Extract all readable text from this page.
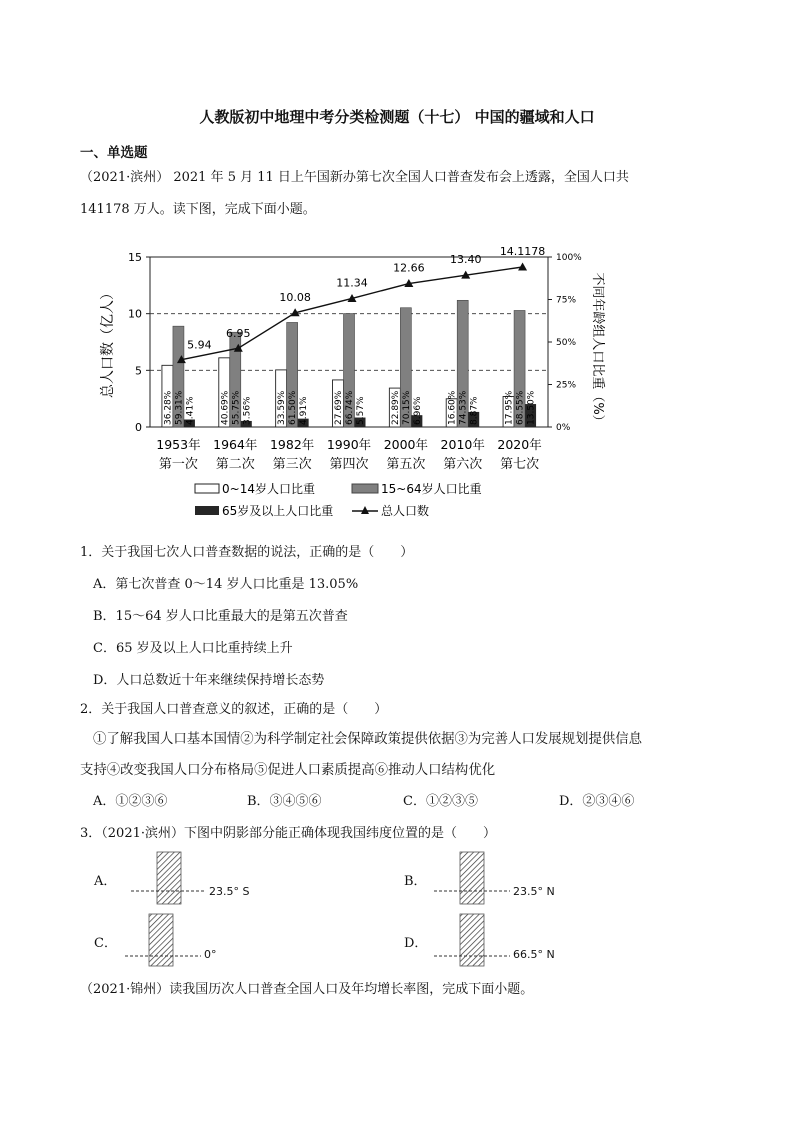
人教版初中地理中考分类检测题（十七） 中国的疆域和人口
一、单选题
（2021·滨州） 2021 年 5 月 11 日上午国新办第七次全国人口普查发布会上透露，全国人口共
141178 万人。读下图，完成下面小题。
0
5
10
15
0%
25%
50%
75%
100%
总人口数（亿人）	不同年龄组人口比重（%）
36.28% 59.31% 4.41%
1953年
第一次
40.69% 55.75% 3.56%
1964年
第二次
33.59% 61.50% 4.91%
1982年
第三次
27.69% 66.74% 5.57%
1990年
第四次
22.89% 70.15% 6.96%
2000年
第五次
16.60% 74.53% 8.87%
2010年
第六次
17.95% 68.55% 13.50%
2020年
第七次
5.94
6.95
10.08
11.34
12.66
13.40
14.1178
0~14岁人口比重	15~64岁人口比重
65岁及以上人口比重	总人口数
1．关于我国七次人口普查数据的说法，正确的是（　　）
A．第七次普查 0～14 岁人口比重是 13.05%
B．15～64 岁人口比重最大的是第五次普查
C．65 岁及以上人口比重持续上升
D．人口总数近十年来继续保持增长态势
2．关于我国人口普查意义的叙述，正确的是（　　）
①了解我国人口基本国情②为科学制定社会保障政策提供依据③为完善人口发展规划提供信息
支持④改变我国人口分布格局⑤促进人口素质提高⑥推动人口结构优化
A．①②③⑥	B．③④⑤⑥	C．①②③⑤	D．②③④⑥
3．（2021·滨州）下图中阴影部分能正确体现我国纬度位置的是（　　）
A．
23.5° S
B．
23.5° N
C．
0°
D．
66.5° N
（2021·锦州）读我国历次人口普查全国人口及年均增长率图，完成下面小题。
